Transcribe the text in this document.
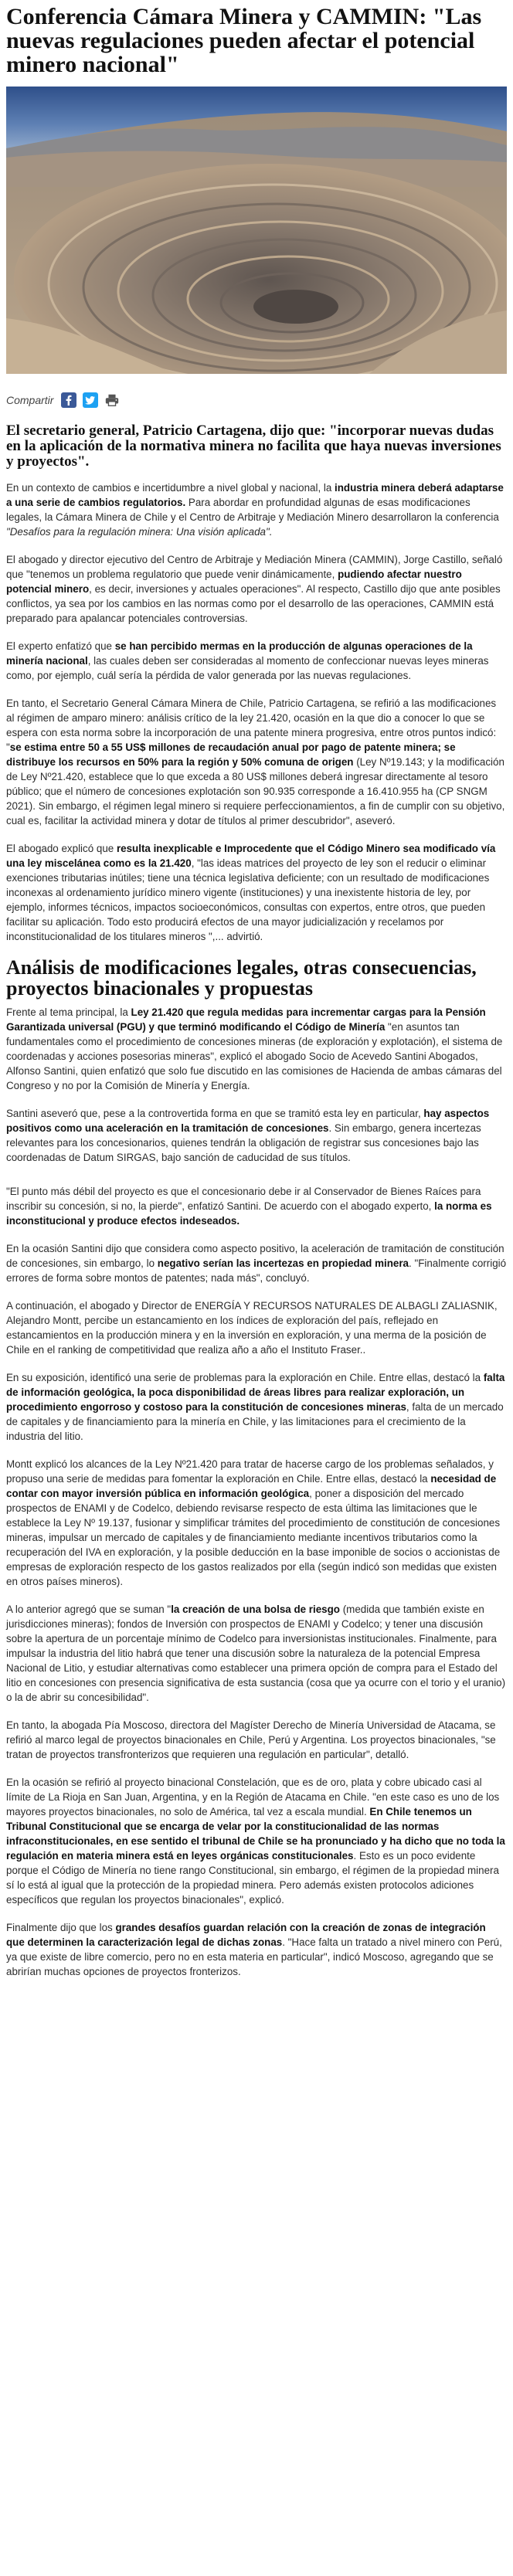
Conferencia Cámara Minera y CAMMIN: "Las nuevas regulaciones pueden afectar el potencial minero nacional"
Compartir
El secretario general, Patricio Cartagena, dijo que: "incorporar nuevas dudas en la aplicación de la normativa minera no facilita que haya nuevas inversiones y proyectos".

En un contexto de cambios e incertidumbre a nivel global y nacional, la industria minera deberá adaptarse a una serie de cambios regulatorios. Para abordar en profundidad algunas de esas modificaciones legales, la Cámara Minera de Chile y el Centro de Arbitraje y Mediación Minero desarrollaron la conferencia "Desafíos para la regulación minera: Una visión aplicada".

El abogado y director ejecutivo del Centro de Arbitraje y Mediación Minera (CAMMIN), Jorge Castillo, señaló que "tenemos un problema regulatorio que puede venir dinámicamente, pudiendo afectar nuestro potencial minero, es decir, inversiones y actuales operaciones". Al respecto, Castillo dijo que ante posibles conflictos, ya sea por los cambios en las normas como por el desarrollo de las operaciones, CAMMIN está preparado para apalancar potenciales controversias.

El experto enfatizó que se han percibido mermas en la producción de algunas operaciones de la minería nacional, las cuales deben ser consideradas al momento de confeccionar nuevas leyes mineras como, por ejemplo, cuál sería la pérdida de valor generada por las nuevas regulaciones.

En tanto, el Secretario General Cámara Minera de Chile, Patricio Cartagena, se refirió a las modificaciones al régimen de amparo minero: análisis crítico de la ley 21.420, ocasión en la que dio a conocer lo que se espera con esta norma sobre la incorporación de una patente minera progresiva, entre otros puntos indicó: "se estima entre 50 a 55 US$ millones de recaudación anual por pago de patente minera; se distribuye los recursos en 50% para la región y 50% comuna de origen (Ley Nº19.143; y la modificación de Ley Nº21.420, establece que lo que exceda a 80 US$ millones deberá ingresar directamente al tesoro público; que el número de concesiones explotación son 90.935 corresponde a 16.410.955 ha (CP SNGM 2021). Sin embargo, el régimen legal minero si requiere perfeccionamientos, a fin de cumplir con su objetivo, cual es, facilitar la actividad minera y dotar de títulos al primer descubridor", aseveró.

El abogado explicó que resulta inexplicable e Improcedente que el Código Minero sea modificado vía una ley miscelánea como es la 21.420, "las ideas matrices del proyecto de ley son el reducir o eliminar exenciones tributarias inútiles; tiene una técnica legislativa deficiente; con un resultado de modificaciones inconexas al ordenamiento jurídico minero vigente (instituciones) y una inexistente historia de ley, por ejemplo, informes técnicos, impactos socioeconómicos, consultas con expertos, entre otros, que pueden facilitar su aplicación. Todo esto producirá efectos de una mayor judicialización y recelamos por inconstitucionalidad de los titulares mineros ",... advirtió.

Análisis de modificaciones legales, otras consecuencias, proyectos binacionales y propuestas

Frente al tema principal, la Ley 21.420 que regula medidas para incrementar cargas para la Pensión Garantizada universal (PGU) y que terminó modificando el Código de Minería "en asuntos tan fundamentales como el procedimiento de concesiones mineras (de exploración y explotación), el sistema de coordenadas y acciones posesorias mineras", explicó el abogado Socio de Acevedo Santini Abogados, Alfonso Santini, quien enfatizó que solo fue discutido en las comisiones de Hacienda de ambas cámaras del Congreso y no por la Comisión de Minería y Energía.

Santini aseveró que, pese a la controvertida forma en que se tramitó esta ley en particular, hay aspectos positivos como una aceleración en la tramitación de concesiones. Sin embargo, genera incertezas relevantes para los concesionarios, quienes tendrán la obligación de registrar sus concesiones bajo las coordenadas de Datum SIRGAS, bajo sanción de caducidad de sus títulos.

"El punto más débil del proyecto es que el concesionario debe ir al Conservador de Bienes Raíces para inscribir su concesión, si no, la pierde", enfatizó Santini. De acuerdo con el abogado experto, la norma es inconstitucional y produce efectos indeseados.

En la ocasión Santini dijo que considera como aspecto positivo, la aceleración de tramitación de constitución de concesiones, sin embargo, lo negativo serían las incertezas en propiedad minera. "Finalmente corrigió errores de forma sobre montos de patentes; nada más", concluyó.

A continuación, el abogado y Director de ENERGÍA Y RECURSOS NATURALES DE ALBAGLI ZALIASNIK, Alejandro Montt, percibe un estancamiento en los índices de exploración del país, reflejado en estancamientos en la producción minera y en la inversión en exploración, y una merma de la posición de Chile en el ranking de competitividad que realiza año a año el Instituto Fraser..

En su exposición, identificó una serie de problemas para la exploración en Chile. Entre ellas, destacó la falta de información geológica, la poca disponibilidad de áreas libres para realizar exploración, un procedimiento engorroso y costoso para la constitución de concesiones mineras, falta de un mercado de capitales y de financiamiento para la minería en Chile, y las limitaciones para el crecimiento de la industria del litio.

Montt explicó los alcances de la Ley Nº21.420 para tratar de hacerse cargo de los problemas señalados, y propuso una serie de medidas para fomentar la exploración en Chile. Entre ellas, destacó la necesidad de contar con mayor inversión pública en información geológica, poner a disposición del mercado prospectos de ENAMI y de Codelco, debiendo revisarse respecto de esta última las limitaciones que le establece la Ley Nº 19.137, fusionar y simplificar trámites del procedimiento de constitución de concesiones mineras, impulsar un mercado de capitales y de financiamiento mediante incentivos tributarios como la recuperación del IVA en exploración, y la posible deducción en la base imponible de socios o accionistas de empresas de exploración respecto de los gastos realizados por ella (según indicó son medidas que existen en otros países mineros).

A lo anterior agregó que se suman "la creación de una bolsa de riesgo (medida que también existe en jurisdicciones mineras); fondos de Inversión con prospectos de ENAMI y Codelco; y tener una discusión sobre la apertura de un porcentaje mínimo de Codelco para inversionistas institucionales. Finalmente, para impulsar la industria del litio habrá que tener una discusión sobre la naturaleza de la potencial Empresa Nacional de Litio, y estudiar alternativas como establecer una primera opción de compra para el Estado del litio en concesiones con presencia significativa de esta sustancia (cosa que ya ocurre con el torio y el uranio) o la de abrir su concesibilidad".

En tanto, la abogada Pía Moscoso, directora del Magíster Derecho de Minería Universidad de Atacama, se refirió al marco legal de proyectos binacionales en Chile, Perú y Argentina. Los proyectos binacionales, "se tratan de proyectos transfronterizos que requieren una regulación en particular", detalló.

En la ocasión se refirió al proyecto binacional Constelación, que es de oro, plata y cobre ubicado casi al límite de La Rioja en San Juan, Argentina, y en la Región de Atacama en Chile. "en este caso es uno de los mayores proyectos binacionales, no solo de América, tal vez a escala mundial. En Chile tenemos un Tribunal Constitucional que se encarga de velar por la constitucionalidad de las normas infraconstitucionales, en ese sentido el tribunal de Chile se ha pronunciado y ha dicho que no toda la regulación en materia minera está en leyes orgánicas constitucionales. Esto es un poco evidente porque el Código de Minería no tiene rango Constitucional, sin embargo, el régimen de la propiedad minera sí lo está al igual que la protección de la propiedad minera. Pero además existen protocolos adiciones específicos que regulan los proyectos binacionales", explicó.

Finalmente dijo que los grandes desafíos guardan relación con la creación de zonas de integración que determinen la caracterización legal de dichas zonas. "Hace falta un tratado a nivel minero con Perú, ya que existe de libre comercio, pero no en esta materia en particular", indicó Moscoso, agregando que se abrirían muchas opciones de proyectos fronterizos.
